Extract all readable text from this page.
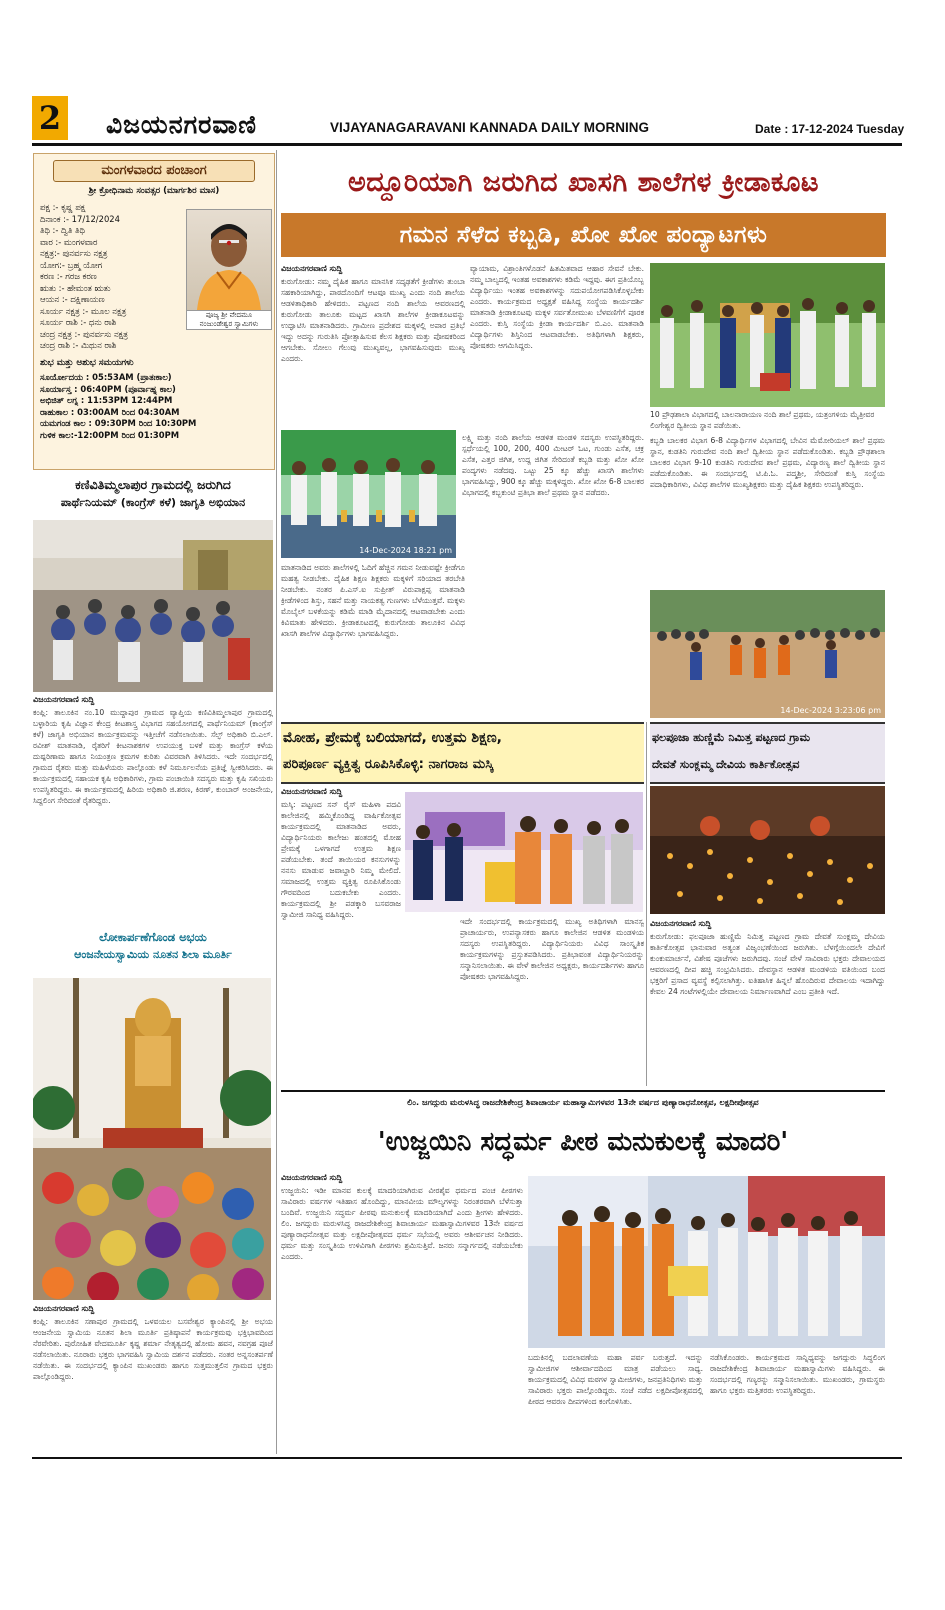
2 ವಿಜಯನಗರವಾಣಿ	VIJAYANAGARAVANI KANNADA DAILY MORNING	Date : 17-12-2024 Tuesday
ಮಂಗಳವಾರದ ಪಂಚಾಂಗ
ಶ್ರೀ ಕ್ರೋಧಿನಾಮ ಸಂವತ್ಸರ (ಮಾರ್ಗಶಿರ ಮಾಸ)
ಪಕ್ಷ :- ಕೃಷ್ಣ ಪಕ್ಷ
ದಿನಾಂಕ :- 17/12/2024
ತಿಥಿ :- ದ್ವಿತಿ ತಿಥಿ
ವಾರ :- ಮಂಗಳವಾರ
ನಕ್ಷತ್ರ:- ಪುನರ್ವಸು ನಕ್ಷತ್ರ
ಯೋಗ:- ಬ್ರಹ್ಮ ಯೋಗ
ಕರಣ :- ಗರಜ ಕರಣ
ಋತು :- ಹೇಮಂತ ಋತು
ಆಯನ :- ದಕ್ಷಿಣಾಯಣ
ಸೂರ್ಯ ನಕ್ಷತ್ರ :- ಮೂಲ ನಕ್ಷತ್ರ
ಸೂರ್ಯ ರಾಶಿ :- ಧನು ರಾಶಿ
ಚಂದ್ರ ನಕ್ಷತ್ರ :- ಪುನರ್ವಸು ನಕ್ಷತ್ರ
ಚಂದ್ರ ರಾಶಿ :- ಮಿಥುನ ರಾಶಿ
ಪೂಜ್ಯ ಶ್ರೀ ವೇದಮೂ
ನಂಜುಂಡೇಶ್ವರ ಸ್ವಾಮಿಗಳು
ಶುಭ ಮತ್ತು ಅಶುಭ ಸಮಯಗಳು
ಸೂರ್ಯೋದಯ : 05:53AM (ಪ್ರಾತಃಕಾಲ)
ಸೂರ್ಯಾಸ್ತ : 06:40PM (ಪೂರ್ವಾಹ್ನ ಕಾಲ)
ಅಭಿಜಿತ್ ಲಗ್ನ : 11:53PM 12:44PM
ರಾಹುಕಾಲ : 03:00AM ರಿಂದ 04:30AM
ಯಮಗಂಡ ಕಾಲ : 09:30PM ರಿಂದ 10:30PM
ಗುಳಿಕ ಕಾಲ:-12:00PM ರಿಂದ 01:30PM
ಕಣಿವಿತಿಮ್ಮಲಾಪುರ ಗ್ರಾಮದಲ್ಲಿ ಜರುಗಿದ
ಪಾರ್ಥೆನಿಯಮ್ (ಕಾಂಗ್ರೆಸ್ ಕಳೆ) ಜಾಗೃತಿ ಅಭಿಯಾನ
ವಿಜಯನಗರವಾಣಿ ಸುದ್ದಿ

ಕಂಪ್ಲಿ: ತಾಲೂಕಿನ ನಂ.10 ಮುದ್ದಾಪುರ ಗ್ರಾಮದ ವ್ಯಾಪ್ತಿಯ ಕಣಿವಿತಿಮ್ಮಲಾಪುರ ಗ್ರಾಮದಲ್ಲಿ ಬಳ್ಳಾರಿಯ ಕೃಷಿ ವಿಜ್ಞಾನ ಕೇಂದ್ರ ಕೀಟಶಾಸ್ತ್ರ ವಿಭಾಗದ ಸಹಯೋಗದಲ್ಲಿ ಪಾರ್ಥೆನಿಯಮ್ (ಕಾಂಗ್ರೆಸ್ ಕಳೆ) ಜಾಗೃತಿ ಅಭಿಯಾನ ಕಾರ್ಯಕ್ರಮವನ್ನು ಇತ್ತೀಚೆಗೆ ನಡೆಸಲಾಯಿತು. ಸೆಲ್ಫ್ ಅಧಿಕಾರಿ ಬಿ.ಎಲ್. ರವೀಶ್ ಮಾತನಾಡಿ, ರೈತರಿಗೆ ಕೀಟನಾಶಕಗಳ ಉಪಯುಕ್ತ ಬಳಕೆ ಮತ್ತು ಕಾಂಗ್ರೆಸ್ ಕಳೆಯ ದುಷ್ಪರಿಣಾಮ ಹಾಗೂ ನಿಯಂತ್ರಣ ಕ್ರಮಗಳ ಕುರಿತು ವಿವರವಾಗಿ ತಿಳಿಸಿದರು. ಇದೇ ಸಂದರ್ಭದಲ್ಲಿ ಗ್ರಾಮದ ರೈತರು ಮತ್ತು ಮಹಿಳೆಯರು ಪಾಲ್ಗೊಂಡು ಕಳೆ ನಿರ್ಮೂಲನೆಯ ಪ್ರತಿಜ್ಞೆ ಸ್ವೀಕರಿಸಿದರು. ಈ ಕಾರ್ಯಕ್ರಮದಲ್ಲಿ ಸಹಾಯಕ ಕೃಷಿ ಅಧಿಕಾರಿಗಳು, ಗ್ರಾಮ ಪಂಚಾಯಿತಿ ಸದಸ್ಯರು ಮತ್ತು ಕೃಷಿ ಸಖಿಯರು ಉಪಸ್ಥಿತರಿದ್ದರು. ಈ ಕಾರ್ಯಕ್ರಮದಲ್ಲಿ ಹಿರಿಯ ಅಧಿಕಾರಿ ಜಿ.ಶರಣ, ಕಿರಣ್, ಕುಂಬಾರ್ ಅಂಜನೇಯ, ಸಿದ್ದಲಿಂಗ ಸೇರಿದಂತೆ ರೈತರಿದ್ದರು.

ಲೋಕಾರ್ಪಣೆಗೊಂಡ ಅಭಯ
ಆಂಜನೇಯಸ್ವಾಮಿಯ ನೂತನ ಶಿಲಾ ಮೂರ್ತಿ
ವಿಜಯನಗರವಾಣಿ ಸುದ್ದಿ

ಕಂಪ್ಲಿ: ತಾಲೂಕಿನ ಸಣಾಪುರ ಗ್ರಾಮದಲ್ಲಿ ಒಳವಯಲ ಬಸವೇಶ್ವರ ಕ್ಯಾಂಪಿನಲ್ಲಿ ಶ್ರೀ ಅಭಯ ಆಂಜನೇಯ ಸ್ವಾಮಿಯ ನೂತನ ಶಿಲಾ ಮೂರ್ತಿ ಪ್ರತಿಷ್ಠಾಪನೆ ಕಾರ್ಯಕ್ರಮವು ಭಕ್ತಿಭಾವದಿಂದ ನೆರವೇರಿತು. ಪುರೋಹಿತ ವೇದಮೂರ್ತಿ ಕೃಷ್ಣ ಶರ್ಮಾ ನೇತೃತ್ವದಲ್ಲಿ ಹೋಮ ಹವನ, ನವಗ್ರಹ ಪೂಜೆ ನಡೆಸಲಾಯಿತು. ನೂರಾರು ಭಕ್ತರು ಭಾಗವಹಿಸಿ ಸ್ವಾಮಿಯ ದರ್ಶನ ಪಡೆದರು. ನಂತರ ಅನ್ನಸಂತರ್ಪಣೆ ನಡೆಯಿತು. ಈ ಸಂದರ್ಭದಲ್ಲಿ ಕ್ಯಾಂಪಿನ ಮುಖಂಡರು ಹಾಗೂ ಸುತ್ತಮುತ್ತಲಿನ ಗ್ರಾಮದ ಭಕ್ತರು ಪಾಲ್ಗೊಂಡಿದ್ದರು.

ಅದ್ದೂರಿಯಾಗಿ ಜರುಗಿದ ಖಾಸಗಿ ಶಾಲೆಗಳ ಕ್ರೀಡಾಕೂಟ
ಗಮನ ಸೆಳೆದ ಕಬ್ಬಡಿ, ಖೋ ಖೋ ಪಂದ್ಯಾಟಗಳು
ವಿಜಯನಗರವಾಣಿ ಸುದ್ದಿ

ಕುರುಗೋಡು: ನಮ್ಮ ದೈಹಿಕ ಹಾಗೂ ಮಾನಸಿಕ ಸದೃಢತೆಗೆ ಕ್ರೀಡೆಗಳು ತುಂಬಾ ಸಹಕಾರಿಯಾಗಿದ್ದು, ಪಾಠದೊಂದಿಗೆ ಆಟವೂ ಮುಖ್ಯ ಎಂದು ನಂದಿ ಶಾಲೆಯ ಆಡಳಿತಾಧಿಕಾರಿ ಹೇಳಿದರು. ಪಟ್ಟಣದ ನಂದಿ ಶಾಲೆಯ ಆವರಣದಲ್ಲಿ ಕುರುಗೋಡು ತಾಲೂಕು ಮಟ್ಟದ ಖಾಸಗಿ ಶಾಲೆಗಳ ಕ್ರೀಡಾಕೂಟವನ್ನು ಉದ್ಘಾಟಿಸಿ ಮಾತನಾಡಿದರು. ಗ್ರಾಮೀಣ ಪ್ರದೇಶದ ಮಕ್ಕಳಲ್ಲಿ ಅಪಾರ ಪ್ರತಿಭೆ ಇದ್ದು ಅದನ್ನು ಗುರುತಿಸಿ ಪ್ರೋತ್ಸಾಹಿಸುವ ಕೆಲಸ ಶಿಕ್ಷಕರು ಮತ್ತು ಪೋಷಕರಿಂದ ಆಗಬೇಕು. ಸೋಲು ಗೆಲುವು ಮುಖ್ಯವಲ್ಲ, ಭಾಗವಹಿಸುವುದು ಮುಖ್ಯ ಎಂದರು.

ವ್ಯಾಯಾಮ, ವಿಶ್ರಾಂತಿಗಳೊಡನೆ ಹಿತಮಿತವಾದ ಆಹಾರ ಸೇವನೆ ಬೇಕು. ನಮ್ಮ ಬಾಲ್ಯದಲ್ಲಿ ಇಂತಹ ಅವಕಾಶಗಳು ಕಡಿಮೆ ಇದ್ದವು. ಈಗ ಪ್ರತಿಯೊಬ್ಬ ವಿದ್ಯಾರ್ಥಿಯು ಇಂತಹ ಅವಕಾಶಗಳನ್ನು ಸದುಪಯೋಗಪಡಿಸಿಕೊಳ್ಳಬೇಕು ಎಂದರು. ಕಾರ್ಯಕ್ರಮದ ಅಧ್ಯಕ್ಷತೆ ವಹಿಸಿದ್ದ ಸಂಸ್ಥೆಯ ಕಾರ್ಯದರ್ಶಿ ಮಾತನಾಡಿ ಕ್ರೀಡಾಕೂಟವು ಮಕ್ಕಳ ಸರ್ವತೋಮುಖ ಬೆಳವಣಿಗೆಗೆ ಪೂರಕ ಎಂದರು. ಕುಸ್ತಿ ಸಂಸ್ಥೆಯ ಕ್ರೀಡಾ ಕಾರ್ಯದರ್ಶಿ ಬಿ.ಎಂ. ಮಾತನಾಡಿ ವಿದ್ಯಾರ್ಥಿಗಳು ಶಿಸ್ತಿನಿಂದ ಆಟವಾಡಬೇಕು. ಅತಿಥಿಗಳಾಗಿ ಶಿಕ್ಷಕರು, ಪೋಷಕರು ಆಗಮಿಸಿದ್ದರು.

14-Dec-2024 18:21 pm

ಮಾತನಾಡಿದ ಅವರು ಶಾಲೆಗಳಲ್ಲಿ ಓದಿಗೆ ಹೆಚ್ಚಿನ ಗಮನ ನೀಡುವಷ್ಟೇ ಕ್ರೀಡೆಗೂ ಮಹತ್ವ ನೀಡಬೇಕು. ದೈಹಿಕ ಶಿಕ್ಷಣ ಶಿಕ್ಷಕರು ಮಕ್ಕಳಿಗೆ ಸರಿಯಾದ ತರಬೇತಿ ನೀಡಬೇಕು. ನಂತರ ಪಿ.ಎಸ್.ಐ ಸುಪ್ರೀತ್ ವಿರುಪಾಕ್ಷಪ್ಪ ಮಾತನಾಡಿ ಕ್ರೀಡೆಗಳಿಂದ ಶಿಸ್ತು, ಸಹನೆ ಮತ್ತು ನಾಯಕತ್ವ ಗುಣಗಳು ಬೆಳೆಯುತ್ತವೆ. ಮಕ್ಕಳು ಮೊಬೈಲ್ ಬಳಕೆಯನ್ನು ಕಡಿಮೆ ಮಾಡಿ ಮೈದಾನದಲ್ಲಿ ಆಟವಾಡಬೇಕು ಎಂದು ಕಿವಿಮಾತು ಹೇಳಿದರು. ಕ್ರೀಡಾಕೂಟದಲ್ಲಿ ಕುರುಗೋಡು ತಾಲೂಕಿನ ವಿವಿಧ ಖಾಸಗಿ ಶಾಲೆಗಳ ವಿದ್ಯಾರ್ಥಿಗಳು ಭಾಗವಹಿಸಿದ್ದರು.

ಲಕ್ಷ್ಮಿ ಮತ್ತು ನಂದಿ ಶಾಲೆಯ ಆಡಳಿತ ಮಂಡಳಿ ಸದಸ್ಯರು ಉಪಸ್ಥಿತರಿದ್ದರು. ಸ್ಪರ್ಧೆಯಲ್ಲಿ 100, 200, 400 ಮೀಟರ್ ಓಟ, ಗುಂಡು ಎಸೆತ, ಚಕ್ರ ಎಸೆತ, ಎತ್ತರ ಜಿಗಿತ, ಉದ್ದ ಜಿಗಿತ ಸೇರಿದಂತೆ ಕಬ್ಬಡಿ ಮತ್ತು ಖೋ ಖೋ ಪಂದ್ಯಗಳು ನಡೆದವು. ಒಟ್ಟು 25 ಕ್ಕೂ ಹೆಚ್ಚು ಖಾಸಗಿ ಶಾಲೆಗಳು ಭಾಗವಹಿಸಿದ್ದು, 900 ಕ್ಕೂ ಹೆಚ್ಚು ಮಕ್ಕಳಿದ್ದರು. ಖೋ ಖೋ 6-8 ಬಾಲಕರ ವಿಭಾಗದಲ್ಲಿ ಕಬ್ಬಕುಂಟಿ ಪ್ರತಿಭಾ ಶಾಲೆ ಪ್ರಥಮ ಸ್ಥಾನ ಪಡೆದರು.

10 ಪ್ರೌಢಶಾಲಾ ವಿಭಾಗದಲ್ಲಿ ಬಾಲನಾರಾಯಣ ನಂದಿ ಶಾಲೆ ಪ್ರಥಮ, ಯತ್ರಂಗಳಿಯ ಮೈತ್ರೀವರ ಲಿಂಗೇಶ್ವರ ದ್ವಿತೀಯ ಸ್ಥಾನ ಪಡೆಯಿತು.

ಕಬ್ಬಡಿ ಬಾಲಕರ ವಿಭಾಗ 6-8 ವಿದ್ಯಾರ್ಥಿಗಳ ವಿಭಾಗದಲ್ಲಿ ಬೇವಿನ ಮೆಮೋರಿಯಲ್ ಶಾಲೆ ಪ್ರಥಮ ಸ್ಥಾನ, ಕುಡತಿನಿ ಗುರುದೇವ ನಂದಿ ಶಾಲೆ ದ್ವಿತೀಯ ಸ್ಥಾನ ಪಡೆದುಕೊಂಡಿತು. ಕಬ್ಬಡಿ ಪ್ರೌಢಶಾಲಾ ಬಾಲಕರ ವಿಭಾಗ 9-10 ಕುಡತಿನಿ ಗುರುದೇವ ಶಾಲೆ ಪ್ರಥಮ, ವಿದ್ಯಾರಣ್ಯ ಶಾಲೆ ದ್ವಿತೀಯ ಸ್ಥಾನ ಪಡೆದುಕೊಂಡಿತು. ಈ ಸಂದರ್ಭದಲ್ಲಿ ಟಿ.ಪಿ.ಓ. ಪದ್ಮಶ್ರೀ, ಸೇರಿದಂತೆ ಕುಸ್ತಿ ಸಂಸ್ಥೆಯ ಪದಾಧಿಕಾರಿಗಳು, ವಿವಿಧ ಶಾಲೆಗಳ ಮುಖ್ಯಶಿಕ್ಷಕರು ಮತ್ತು ದೈಹಿಕ ಶಿಕ್ಷಕರು ಉಪಸ್ಥಿತರಿದ್ದರು.

14-Dec-2024 3:23:06 pm
ಮೋಹ, ಪ್ರೇಮಕ್ಕೆ ಬಲಿಯಾಗದೆ, ಉತ್ತಮ ಶಿಕ್ಷಣ,
ಪರಿಪೂರ್ಣ ವ್ಯಕ್ತಿತ್ವ ರೂಪಿಸಿಕೊಳ್ಳಿ: ನಾಗರಾಜ ಮಸ್ಕಿ
ವಿಜಯನಗರವಾಣಿ ಸುದ್ದಿ

ಮಸ್ಕಿ: ಪಟ್ಟಣದ ಸನ್ ರೈಸ್ ಮಹಿಳಾ ಪದವಿ ಕಾಲೇಜಿನಲ್ಲಿ ಹಮ್ಮಿಕೊಂಡಿದ್ದ ವಾರ್ಷಿಕೋತ್ಸವ ಕಾರ್ಯಕ್ರಮದಲ್ಲಿ ಮಾತನಾಡಿದ ಅವರು, ವಿದ್ಯಾರ್ಥಿನಿಯರು ಕಾಲೇಜು ಹಂತದಲ್ಲಿ ಮೋಹ ಪ್ರೇಮಕ್ಕೆ ಒಳಗಾಗದೆ ಉತ್ತಮ ಶಿಕ್ಷಣ ಪಡೆಯಬೇಕು. ತಂದೆ ತಾಯಿಯರ ಕನಸುಗಳನ್ನು ನನಸು ಮಾಡುವ ಜವಾಬ್ದಾರಿ ನಿಮ್ಮ ಮೇಲಿದೆ. ಸಮಾಜದಲ್ಲಿ ಉತ್ತಮ ವ್ಯಕ್ತಿತ್ವ ರೂಪಿಸಿಕೊಂಡು ಗೌರವದಿಂದ ಬದುಕಬೇಕು ಎಂದರು. ಕಾರ್ಯಕ್ರಮದಲ್ಲಿ ಶ್ರೀ ಪಡಕ್ಕಾರಿ ಬಸವರಾಜ ಸ್ವಾಮೀಜಿ ಸಾನಿಧ್ಯ ವಹಿಸಿದ್ದರು.

ಇದೇ ಸಂದರ್ಭದಲ್ಲಿ ಕಾರ್ಯಕ್ರಮದಲ್ಲಿ ಮುಖ್ಯ ಅತಿಥಿಗಳಾಗಿ ಮಾನಸ್ವ ಪ್ರಾಚಾರ್ಯರು, ಉಪನ್ಯಾಸಕರು ಹಾಗೂ ಕಾಲೇಜಿನ ಆಡಳಿತ ಮಂಡಳಿಯ ಸದಸ್ಯರು ಉಪಸ್ಥಿತರಿದ್ದರು. ವಿದ್ಯಾರ್ಥಿನಿಯರು ವಿವಿಧ ಸಾಂಸ್ಕೃತಿಕ ಕಾರ್ಯಕ್ರಮಗಳನ್ನು ಪ್ರಸ್ತುತಪಡಿಸಿದರು. ಪ್ರತಿಭಾವಂತ ವಿದ್ಯಾರ್ಥಿನಿಯರನ್ನು ಸನ್ಮಾನಿಸಲಾಯಿತು. ಈ ವೇಳೆ ಕಾಲೇಜಿನ ಅಧ್ಯಕ್ಷರು, ಕಾರ್ಯದರ್ಶಿಗಳು ಹಾಗೂ ಪೋಷಕರು ಭಾಗವಹಿಸಿದ್ದರು.

ಫಲಪೂಜಾ ಹುಣ್ಣಿಮೆ ನಿಮಿತ್ತ ಪಟ್ಟಣದ ಗ್ರಾಮ
ದೇವತೆ ಸುಂಕ್ಲಮ್ಮ ದೇವಿಯ ಕಾರ್ತಿಕೋತ್ಸವ
ವಿಜಯನಗರವಾಣಿ ಸುದ್ದಿ

ಕುರುಗೋಡು: ಫಲಪೂಜಾ ಹುಣ್ಣಿಮೆ ನಿಮಿತ್ತ ಪಟ್ಟಣದ ಗ್ರಾಮ ದೇವತೆ ಸುಂಕ್ಲಮ್ಮ ದೇವಿಯ ಕಾರ್ತಿಕೋತ್ಸವ ಭಾನುವಾರ ಅತ್ಯಂತ ವಿಜೃಂಭಣೆಯಿಂದ ಜರುಗಿತು. ಬೆಳಗ್ಗೆಯಿಂದಲೇ ದೇವಿಗೆ ಕುಂಕುಮಾರ್ಚನೆ, ವಿಶೇಷ ಪೂಜೆಗಳು ಜರುಗಿದವು. ಸಂಜೆ ವೇಳೆ ಸಾವಿರಾರು ಭಕ್ತರು ದೇವಾಲಯದ ಆವರಣದಲ್ಲಿ ದೀಪ ಹಚ್ಚಿ ಸಂಭ್ರಮಿಸಿದರು. ದೇವಸ್ಥಾನ ಆಡಳಿತ ಮಂಡಳಿಯ ವತಿಯಿಂದ ಬಂದ ಭಕ್ತರಿಗೆ ಪ್ರಸಾದ ವ್ಯವಸ್ಥೆ ಕಲ್ಪಿಸಲಾಗಿತ್ತು. ಐತಿಹಾಸಿಕ ಹಿನ್ನಲೆ ಹೊಂದಿರುವ ದೇವಾಲಯ ಇದಾಗಿದ್ದು ಕೇವಲ 24 ಗಂಟೆಗಳಲ್ಲಿಯೇ ದೇವಾಲಯ ನಿರ್ಮಾಣವಾಗಿದೆ ಎಂಬ ಪ್ರತೀತಿ ಇದೆ.

ಲಿಂ. ಜಗದ್ಗುರು ಮರುಳಸಿದ್ಧ ರಾಜದೇಶಿಕೇಂದ್ರ ಶಿವಾಚಾರ್ಯ ಮಹಾಸ್ವಾಮಿಗಳವರ 13ನೇ ವರ್ಷದ ಪುಣ್ಯಾರಾಧನೋತ್ಸವ, ಲಕ್ಷದೀಪೋತ್ಸವ
'ಉಜ್ಜಯಿನಿ ಸದ್ಧರ್ಮ ಪೀಠ ಮನುಕುಲಕ್ಕೆ ಮಾದರಿ'
ವಿಜಯನಗರವಾಣಿ ಸುದ್ದಿ

ಉಜ್ಜಯಿನಿ: ಇಡೀ ಮಾನವ ಕುಲಕ್ಕೆ ಮಾದರಿಯಾಗಿರುವ ವೀರಶೈವ ಧರ್ಮದ ಪಂಚ ಪೀಠಗಳು ಸಾವಿರಾರು ವರ್ಷಗಳ ಇತಿಹಾಸ ಹೊಂದಿದ್ದು, ಮಾನವೀಯ ಮೌಲ್ಯಗಳನ್ನು ನಿರಂತರವಾಗಿ ಬೆಳೆಸುತ್ತಾ ಬಂದಿವೆ. ಉಜ್ಜಯಿನಿ ಸದ್ಧರ್ಮ ಪೀಠವು ಮನುಕುಲಕ್ಕೆ ಮಾದರಿಯಾಗಿದೆ ಎಂದು ಶ್ರೀಗಳು ಹೇಳಿದರು. ಲಿಂ. ಜಗದ್ಗುರು ಮರುಳಸಿದ್ಧ ರಾಜದೇಶಿಕೇಂದ್ರ ಶಿವಾಚಾರ್ಯ ಮಹಾಸ್ವಾಮಿಗಳವರ 13ನೇ ವರ್ಷದ ಪುಣ್ಯಾರಾಧನೋತ್ಸವ ಮತ್ತು ಲಕ್ಷದೀಪೋತ್ಸವದ ಧರ್ಮ ಸಭೆಯಲ್ಲಿ ಅವರು ಆಶೀರ್ವಚನ ನೀಡಿದರು. ಧರ್ಮ ಮತ್ತು ಸಂಸ್ಕೃತಿಯ ಉಳಿವಿಗಾಗಿ ಪೀಠಗಳು ಶ್ರಮಿಸುತ್ತಿವೆ. ಜನರು ಸನ್ಮಾರ್ಗದಲ್ಲಿ ನಡೆಯಬೇಕು ಎಂದರು.

ಬದುಕಿನಲ್ಲಿ ಬದಲಾವಣೆಯ ಮಹಾ ಪರ್ವ ಬರುತ್ತದೆ. ಇದನ್ನು ಸ್ವಾಮೀಜಿಗಳ ಆಶೀರ್ವಾದದಿಂದ ಮಾತ್ರ ಪಡೆಯಲು ಸಾಧ್ಯ. ಕಾರ್ಯಕ್ರಮದಲ್ಲಿ ವಿವಿಧ ಮಠಗಳ ಸ್ವಾಮೀಜಿಗಳು, ಜನಪ್ರತಿನಿಧಿಗಳು ಮತ್ತು ಸಾವಿರಾರು ಭಕ್ತರು ಪಾಲ್ಗೊಂಡಿದ್ದರು. ಸಂಜೆ ನಡೆದ ಲಕ್ಷದೀಪೋತ್ಸವದಲ್ಲಿ ಪೀಠದ ಆವರಣ ದೀಪಗಳಿಂದ ಕಂಗೊಳಿಸಿತು.

ನಡೆಸಿಕೊಂಡರು. ಕಾರ್ಯಕ್ರಮದ ಸಾನ್ನಿಧ್ಯವನ್ನು ಜಗದ್ಗುರು ಸಿದ್ಧಲಿಂಗ ರಾಜದೇಶಿಕೇಂದ್ರ ಶಿವಾಚಾರ್ಯ ಮಹಾಸ್ವಾಮಿಗಳು ವಹಿಸಿದ್ದರು. ಈ ಸಂದರ್ಭದಲ್ಲಿ ಗಣ್ಯರನ್ನು ಸನ್ಮಾನಿಸಲಾಯಿತು. ಮುಖಂಡರು, ಗ್ರಾಮಸ್ಥರು ಹಾಗೂ ಭಕ್ತರು ಮತ್ತಿತರರು ಉಪಸ್ಥಿತರಿದ್ದರು.
